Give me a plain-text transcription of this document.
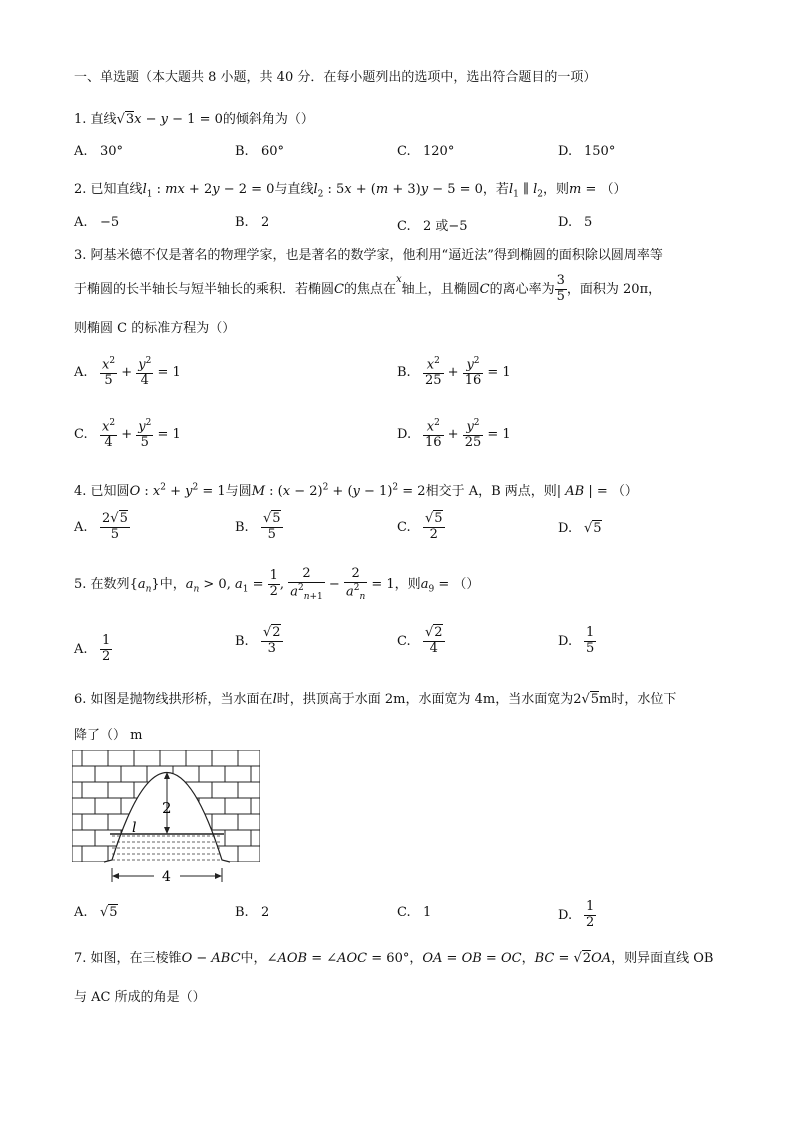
一、单选题（本大题共 8 小题，共 40 分．在每小题列出的选项中，选出符合题目的一项）
1. 直线√3x − y − 1 = 0的倾斜角为（）
A. 30°	B. 60°	C. 120°	D. 150°
2. 已知直线$l_1$ : mx + 2y − 2 = 0与直线$l_2$ : 5x + (m + 3)y − 5 = 0，若$l_1$ ∥ $l_2$，则m = （）
A. −5	B. 2	C. 2 或−5	D. 5
3. 阿基米德不仅是著名的物理学家，也是著名的数学家，他利用“逼近法”得到椭圆的面积除以圆周率等
于椭圆的长半轴长与短半轴长的乘积．若椭圆C的焦点在$^x$轴上，且椭圆C的离心率为 $\frac{3}{5}$ ，面积为 20π，
则椭圆 C 的标准方程为（）
A. $\frac{x^2}{5} + \frac{y^2}{4} = 1$	B. $\frac{x^2}{25} + \frac{y^2}{16} = 1$
C. $\frac{x^2}{4} + \frac{y^2}{5} = 1$	D. $\frac{x^2}{16} + \frac{y^2}{25} = 1$
4. 已知圆O : $x^2 + y^2 = 1$与圆M : $(x - 2)^2 + (y - 1)^2 = 2$相交于 A，B 两点，则| AB | = （）
A. $\frac{2√5}{5}$	B. $\frac{√5}{5}$	C. $\frac{√5}{2}$	D. √5
5. 在数列$\{a_n\}$中，$a_n > 0$, $a_1 = \frac{1}{2}$ , $\frac{2}{a^2_{n+1}} - \frac{2}{a^2_n} = 1$，则$a_9$ = （）
A. $\frac{1}{2}$	B. $\frac{√2}{3}$	C. $\frac{√2}{4}$	D. $\frac{1}{5}$
6. 如图是抛物线拱形桥，当水面在l时，拱顶高于水面 2m，水面宽为 4m，当水面宽为2√5m时，水位下
降了（） m
2
l
4
A. √5	B. 2	C. 1	D. $\frac{1}{2}$
7. 如图，在三棱锥O − ABC中，∠AOB = ∠AOC = 60°，OA = OB = OC，BC = √2OA，则异面直线 OB
与 AC 所成的角是（）
